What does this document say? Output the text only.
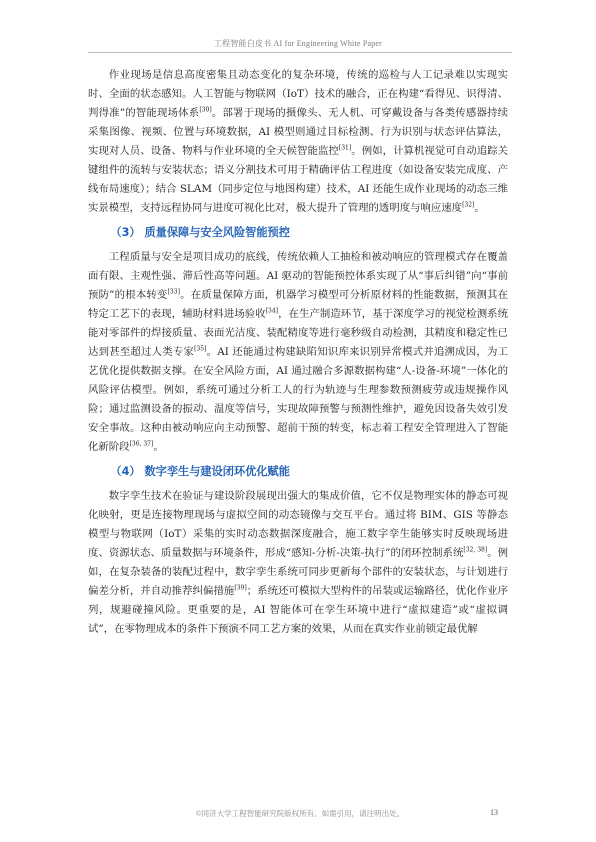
工程智能白皮书 AI for Engineering White Paper

作业现场是信息高度密集且动态变化的复杂环境，传统的巡检与人工记录难以实现实时、全面的状态感知。人工智能与物联网（IoT）技术的融合，正在构建“看得见、识得清、判得准”的智能现场体系[30]。部署于现场的摄像头、无人机、可穿戴设备与各类传感器持续采集图像、视频、位置与环境数据，AI 模型则通过目标检测、行为识别与状态评估算法，实现对人员、设备、物料与作业环境的全天候智能监控[31]。例如，计算机视觉可自动追踪关键组件的流转与安装状态；语义分割技术可用于精确评估工程进度（如设备安装完成度、产线布局速度）；结合 SLAM（同步定位与地图构建）技术，AI 还能生成作业现场的动态三维实景模型，支持远程协同与进度可视化比对，极大提升了管理的透明度与响应速度[32]。

（3） 质量保障与安全风险智能预控

工程质量与安全是项目成功的底线，传统依赖人工抽检和被动响应的管理模式存在覆盖面有限、主观性强、滞后性高等问题。AI 驱动的智能预控体系实现了从“事后纠错”向“事前预防”的根本转变[33]。在质量保障方面，机器学习模型可分析原材料的性能数据，预测其在特定工艺下的表现，辅助材料进场验收[34]，在生产制造环节，基于深度学习的视觉检测系统能对零部件的焊接质量、表面光洁度、装配精度等进行毫秒级自动检测，其精度和稳定性已达到甚至超过人类专家[35]。AI 还能通过构建缺陷知识库来识别异常模式并追溯成因，为工艺优化提供数据支撑。在安全风险方面，AI 通过融合多源数据构建“人-设备-环境”一体化的风险评估模型。例如，系统可通过分析工人的行为轨迹与生理参数预测疲劳或违规操作风险；通过监测设备的振动、温度等信号，实现故障预警与预测性维护，避免因设备失效引发安全事故。这种由被动响应向主动预警、超前干预的转变，标志着工程安全管理进入了智能化新阶段[36, 37]。

（4） 数字孪生与建设闭环优化赋能

数字孪生技术在验证与建设阶段展现出强大的集成价值，它不仅是物理实体的静态可视化映射，更是连接物理现场与虚拟空间的动态镜像与交互平台。通过将 BIM、GIS 等静态模型与物联网（IoT）采集的实时动态数据深度融合，施工数字孪生能够实时反映现场进度、资源状态、质量数据与环境条件，形成“感知-分析-决策-执行”的闭环控制系统[32, 38]。例如，在复杂装备的装配过程中，数字孪生系统可同步更新每个部件的安装状态，与计划进行偏差分析，并自动推荐纠偏措施[39]；系统还可模拟大型构件的吊装或运输路径，优化作业序列，规避碰撞风险。更重要的是，AI 智能体可在孪生环境中进行“虚拟建造”或“虚拟调试”，在零物理成本的条件下预演不同工艺方案的效果，从而在真实作业前锁定最优解

©同济大学工程智能研究院版权所有。如需引用，请注明出处。	13
